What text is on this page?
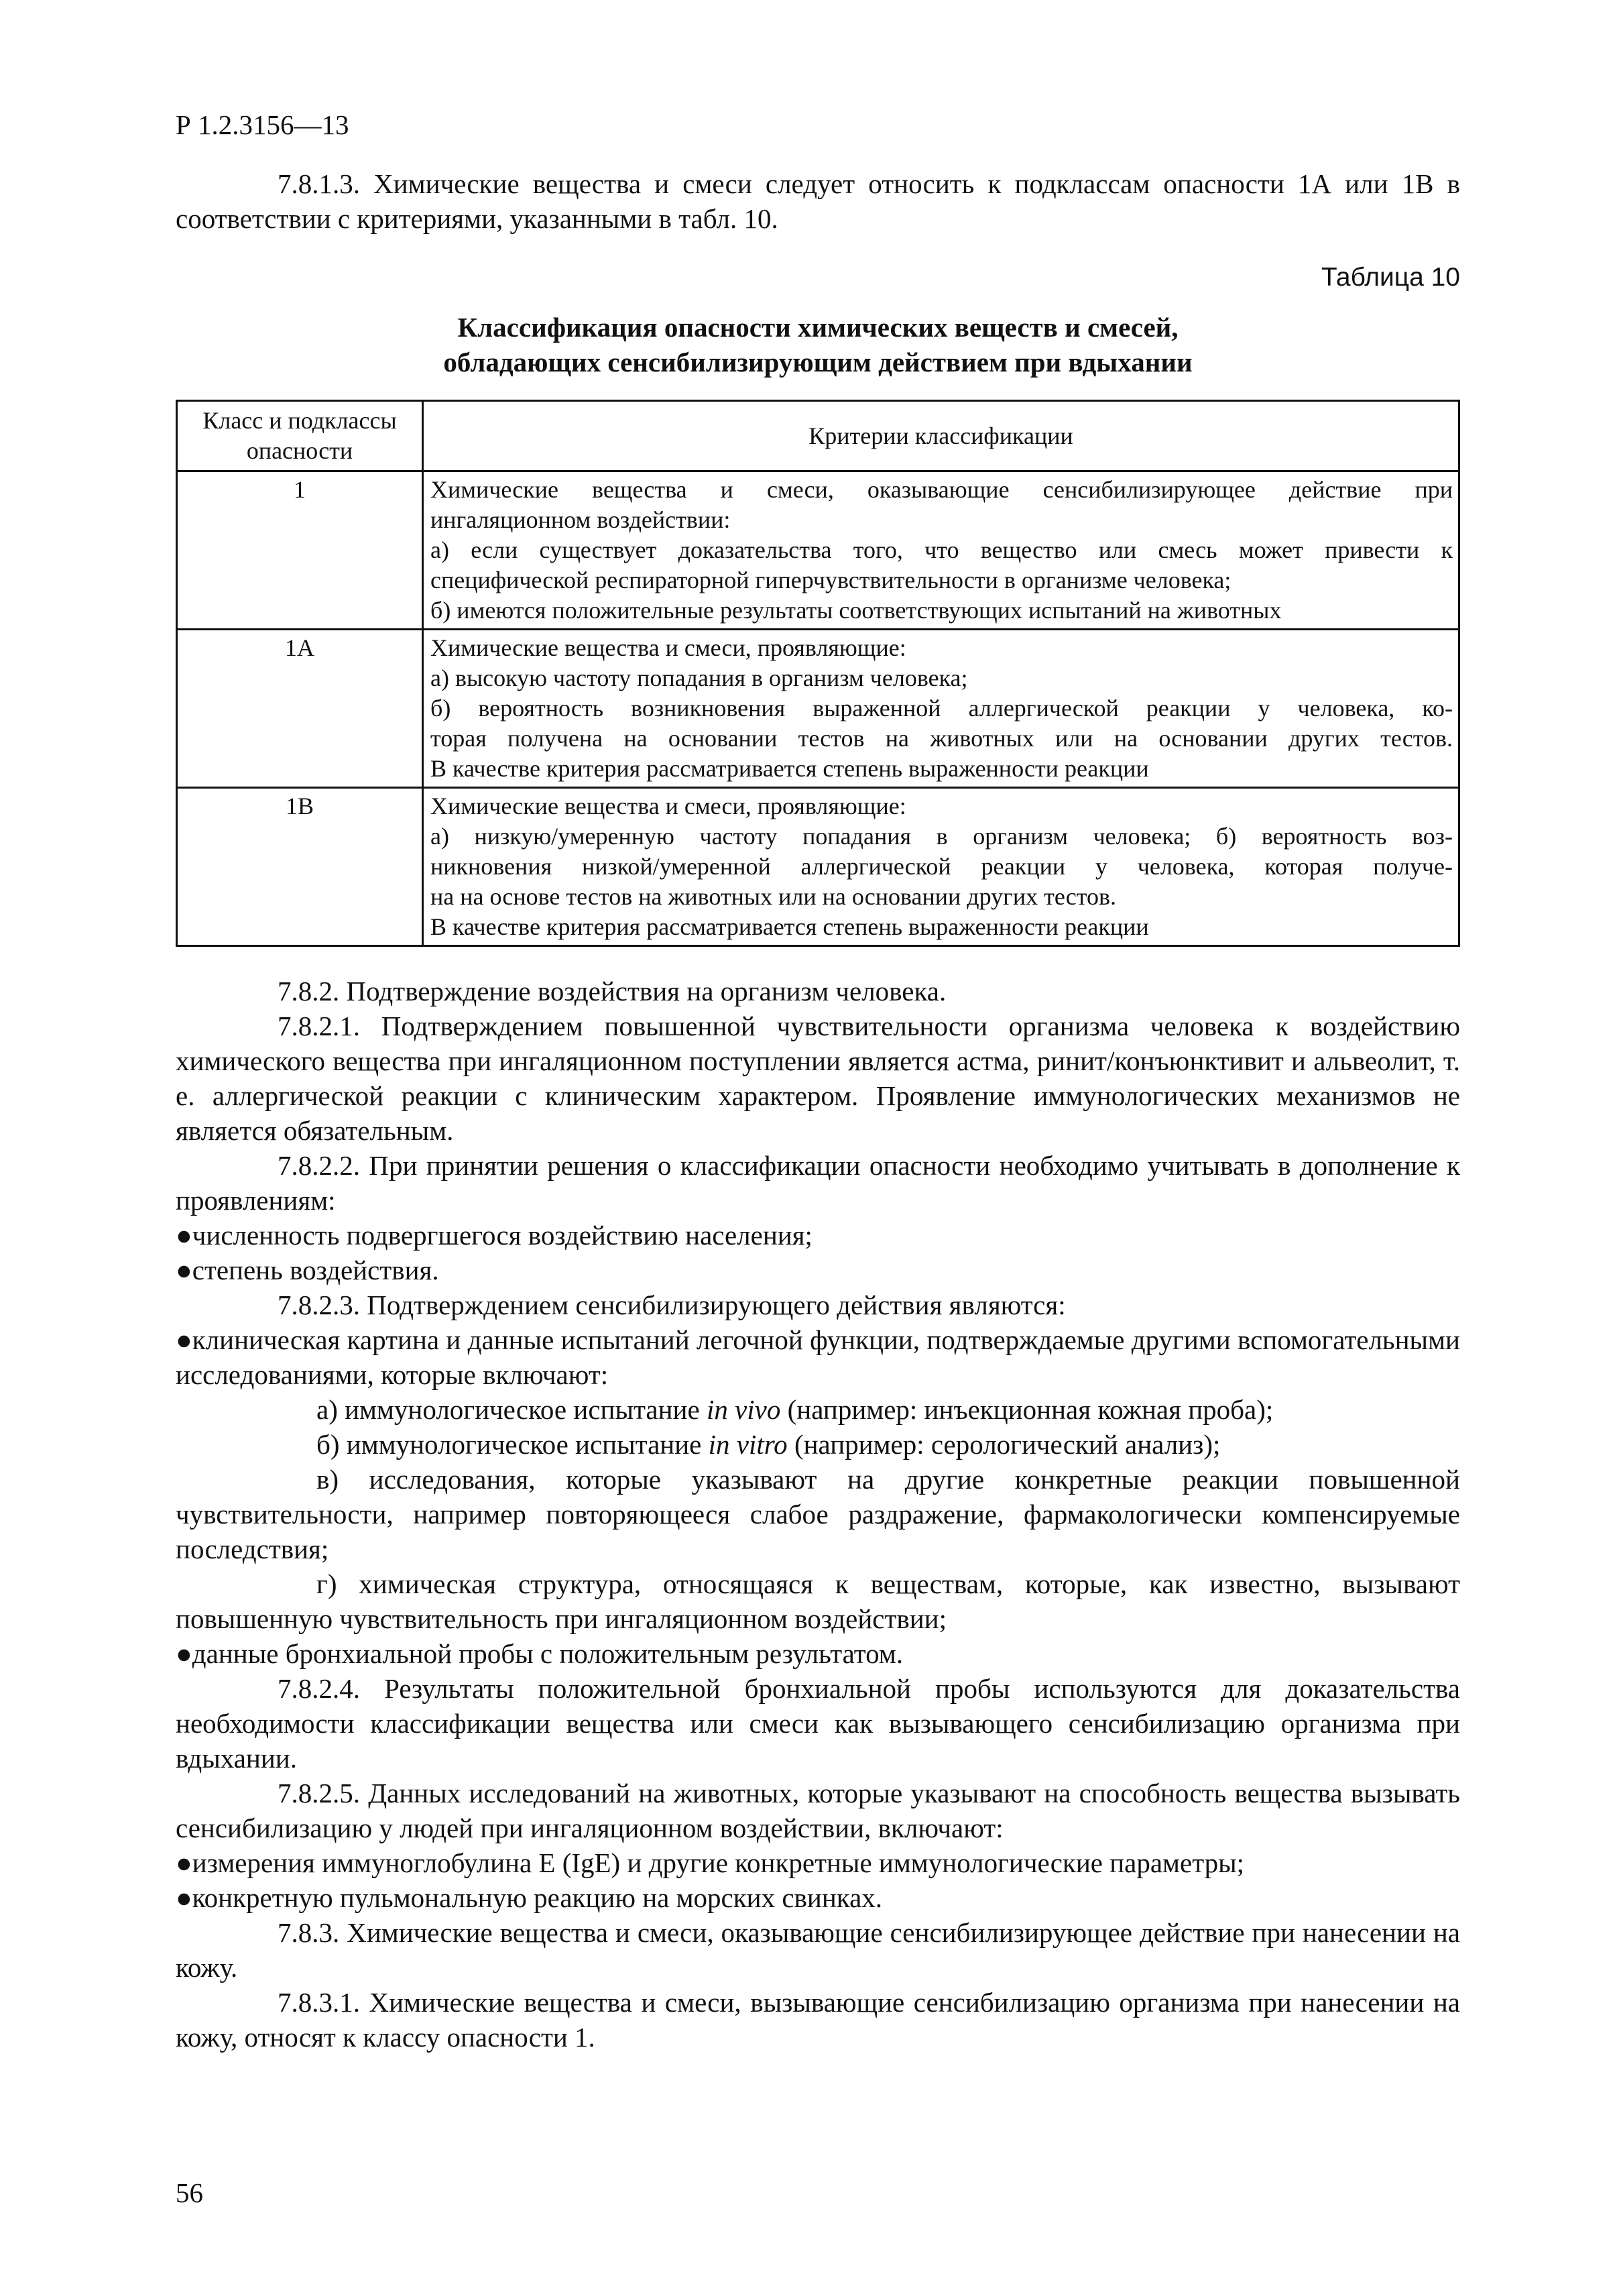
Р 1.2.3156—13

7.8.1.3. Химические вещества и смеси следует относить к подклассам опасности 1А или 1В в соответствии с критериями, указанными в табл. 10.

Таблица 10
Классификация опасности химических веществ и смесей,
обладающих сенсибилизирующим действием при вдыхании
Класс и подклассы опасности	Критерии классификации
1	Химические вещества и смеси, оказывающие сенсибилизирующее действие при
ингаляционном воздействии:
а) если существует доказательства того, что вещество или смесь может привести к
специфической респираторной гиперчувствительности в организме человека;
б) имеются положительные результаты соответствующих испытаний на животных

1А	Химические вещества и смеси, проявляющие:
а) высокую частоту попадания в организм человека;
б) вероятность возникновения выраженной аллергической реакции у человека, ко-
торая получена на основании тестов на животных или на основании других тестов.
В качестве критерия рассматривается степень выраженности реакции

1В	Химические вещества и смеси, проявляющие:
а) низкую/умеренную частоту попадания в организм человека; б) вероятность воз-
никновения низкой/умеренной аллергической реакции у человека, которая получе-
на на основе тестов на животных или на основании других тестов.
В качестве критерия рассматривается степень выраженности реакции

7.8.2. Подтверждение воздействия на организм человека.

7.8.2.1. Подтверждением повышенной чувствительности организма человека к воздействию химического вещества при ингаляционном поступлении является астма, ринит/конъюнктивит и альвеолит, т. е. аллергической реакции с клиническим характером. Проявление иммунологических механизмов не является обязательным.

7.8.2.2. При принятии решения о классификации опасности необходимо учитывать в дополнение к проявлениям:

●численность подвергшегося воздействию населения;

●степень воздействия.

7.8.2.3. Подтверждением сенсибилизирующего действия являются:

●клиническая картина и данные испытаний легочной функции, подтверждаемые другими вспомогательными исследованиями, которые включают:

а) иммунологическое испытание in vivo (например: инъекционная кожная проба);

б) иммунологическое испытание in vitro (например: серологический анализ);

в) исследования, которые указывают на другие конкретные реакции повышенной чувствительности, например повторяющееся слабое раздражение, фармакологически компенсируемые последствия;

г) химическая структура, относящаяся к веществам, которые, как известно, вызывают повышенную чувствительность при ингаляционном воздействии;

●данные бронхиальной пробы с положительным результатом.

7.8.2.4. Результаты положительной бронхиальной пробы используются для доказательства необходимости классификации вещества или смеси как вызывающего сенсибилизацию организма при вдыхании.

7.8.2.5. Данных исследований на животных, которые указывают на способность вещества вызывать сенсибилизацию у людей при ингаляционном воздействии, включают:

●измерения иммуноглобулина Е (IgE) и другие конкретные иммунологические параметры;

●конкретную пульмональную реакцию на морских свинках.

7.8.3. Химические вещества и смеси, оказывающие сенсибилизирующее действие при нанесении на кожу.

7.8.3.1. Химические вещества и смеси, вызывающие сенсибилизацию организма при нанесении на кожу, относят к классу опасности 1.

56
